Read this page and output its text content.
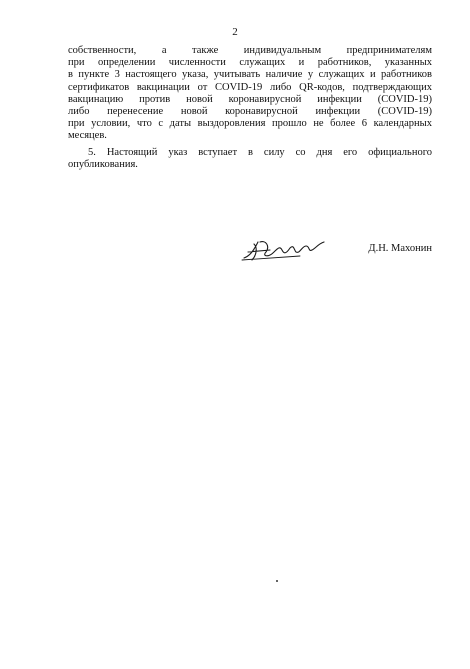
2
собственности, а также индивидуальным предпринимателям
при определении численности служащих и работников, указанных
в пункте 3 настоящего указа, учитывать наличие у служащих и работников
сертификатов вакцинации от COVID-19 либо QR-кодов, подтверждающих
вакцинацию против новой коронавирусной инфекции (COVID-19)
либо перенесение новой коронавирусной инфекции (COVID-19)
при условии, что с даты выздоровления прошло не более 6 календарных
месяцев.
5. Настоящий указ вступает в силу со дня его официального
опубликования.
Д.Н. Махонин
